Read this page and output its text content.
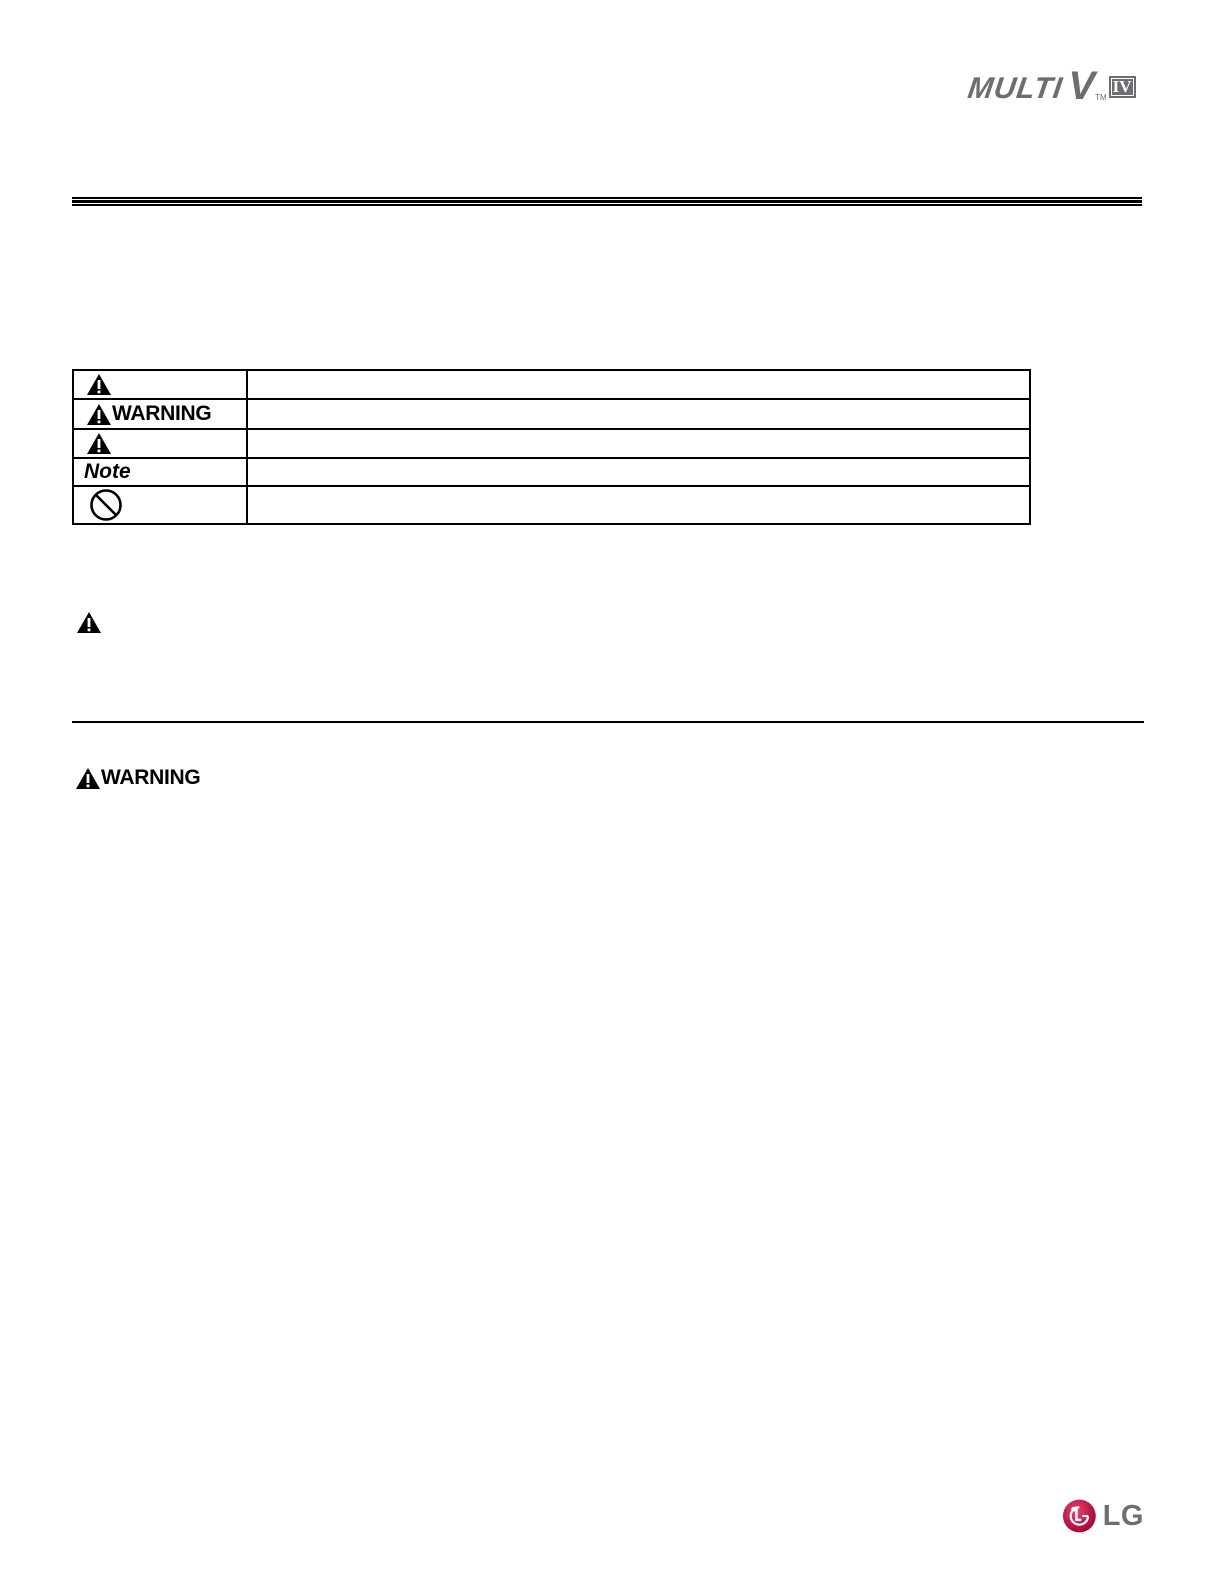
MULTI V TM
IV

WARNING	

Note	

WARNING
LG
